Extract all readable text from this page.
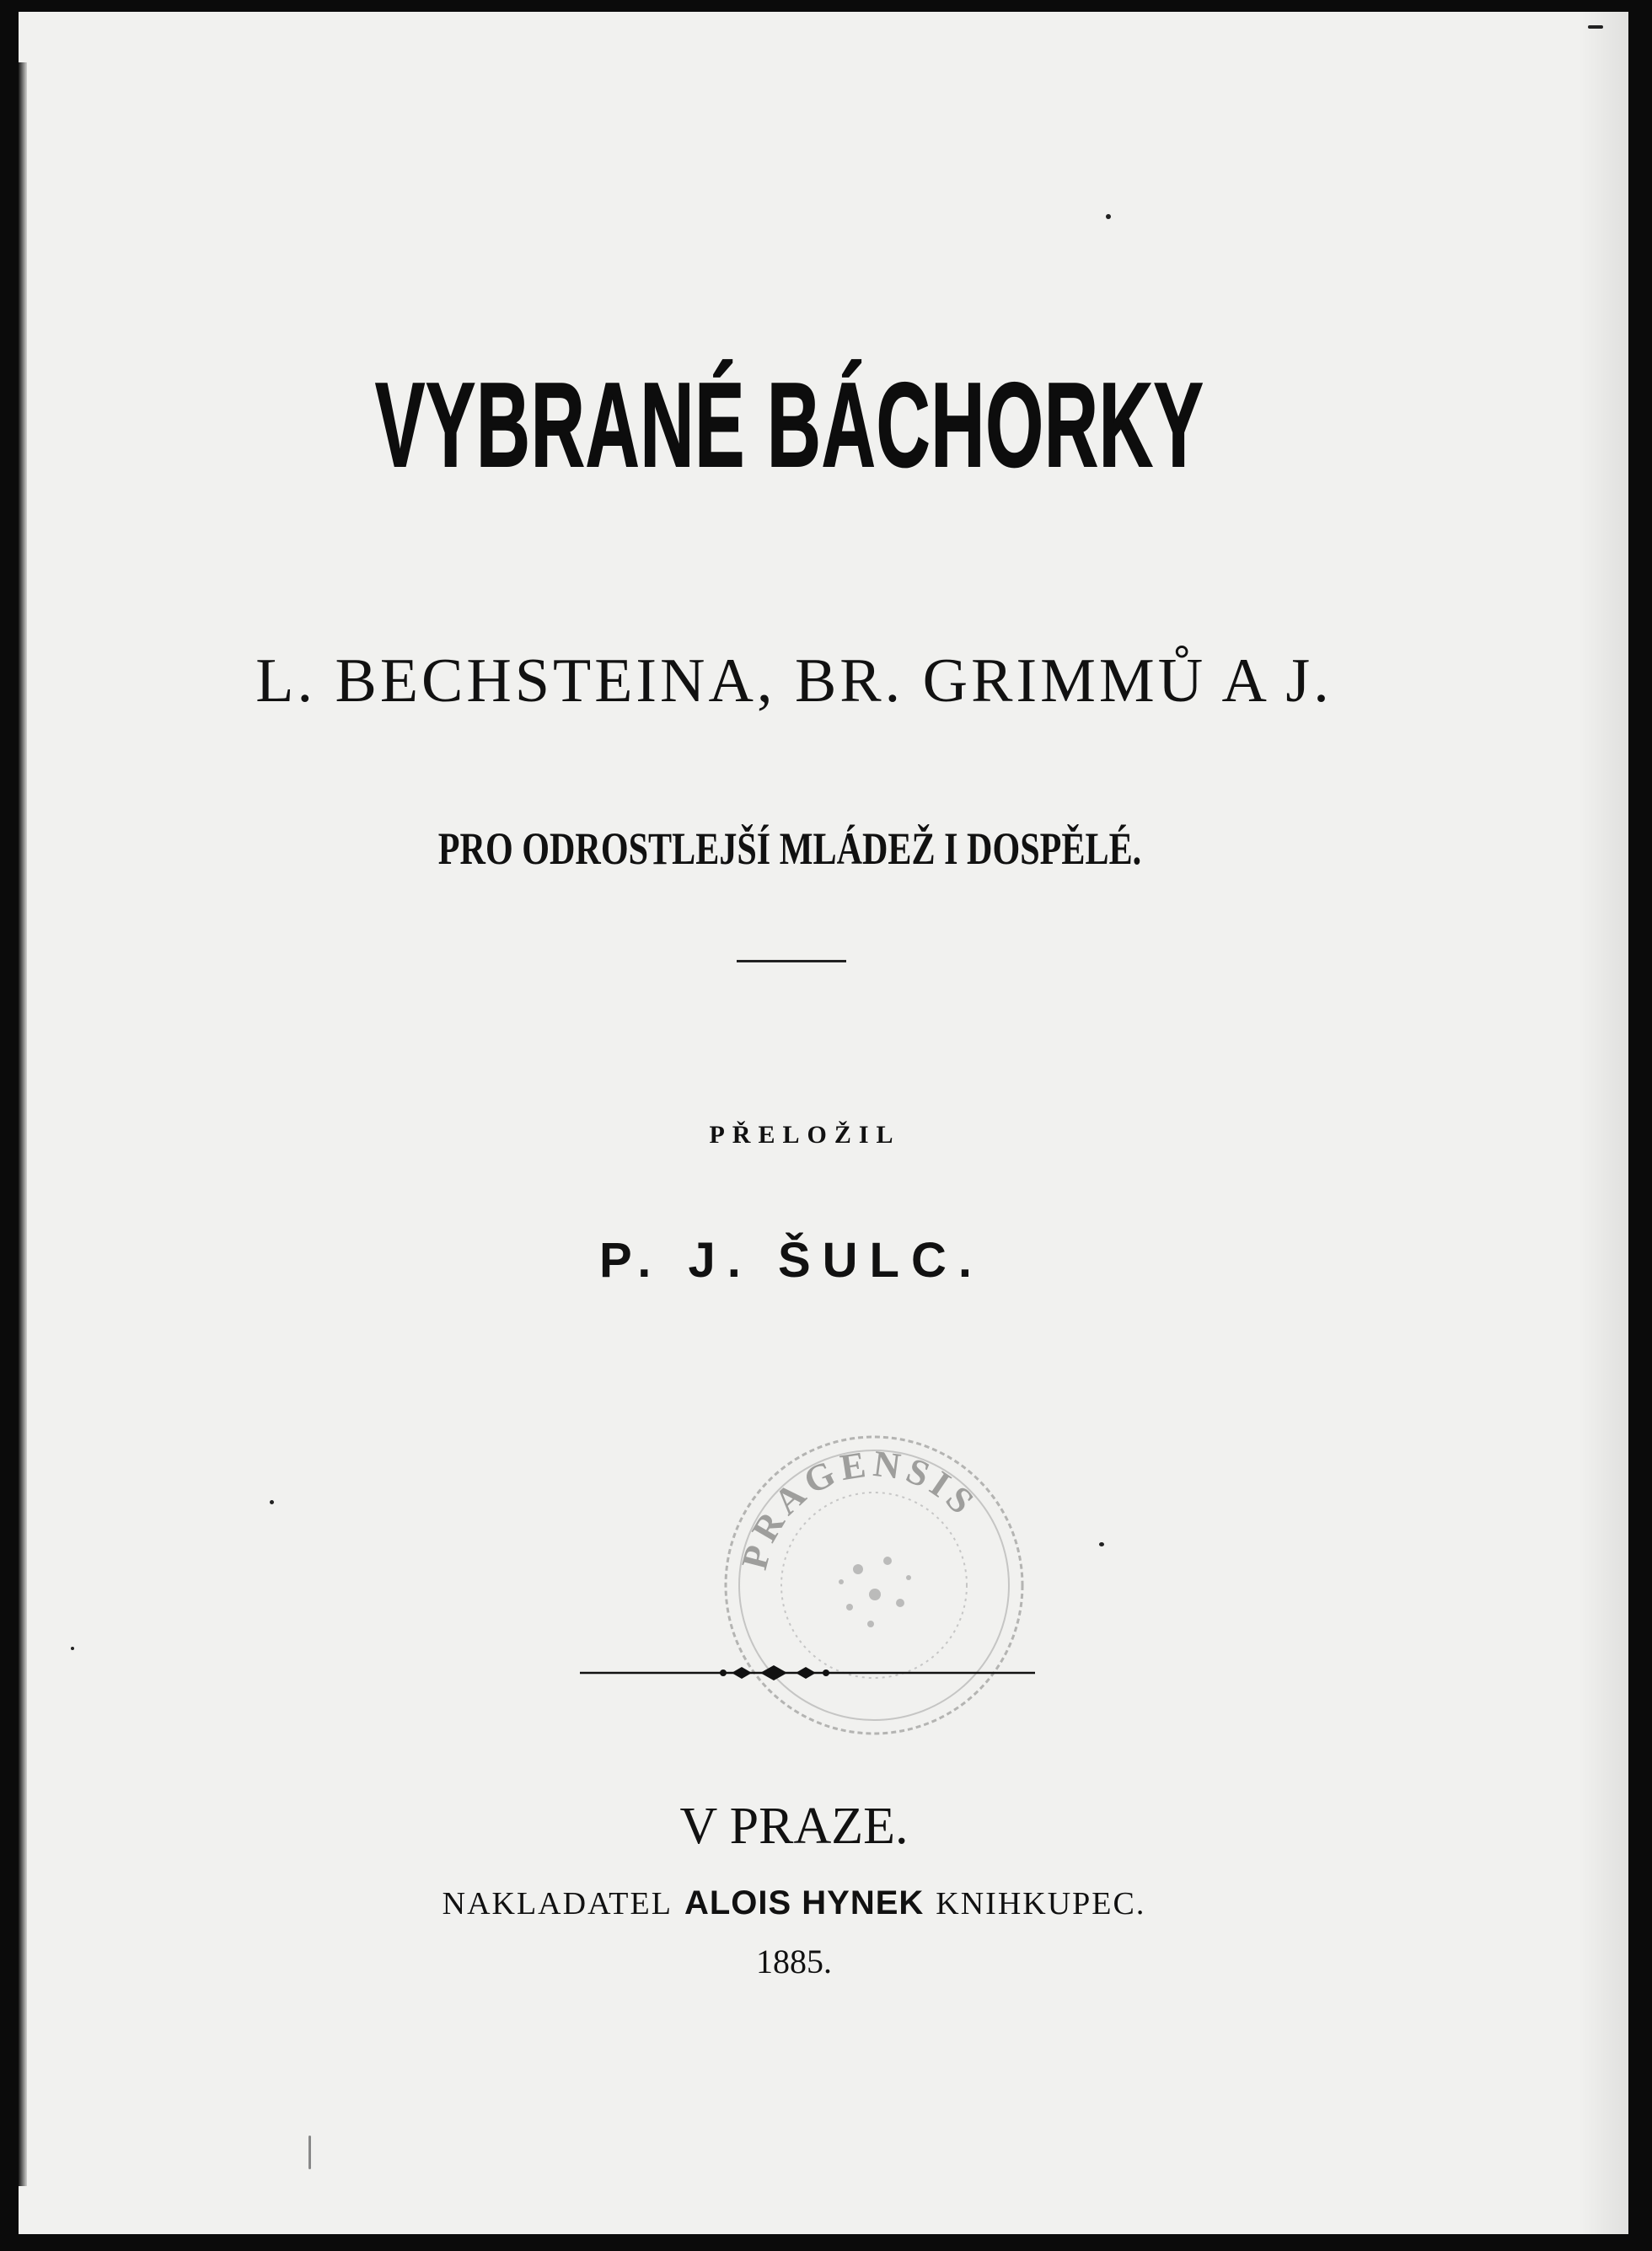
VYBRANÉ BÁCHORKY
L. BECHSTEINA, BR. GRIMMŮ A J.
PRO ODROSTLEJŠÍ MLÁDEŽ I DOSPĚLÉ.
PŘELOŽIL
P. J. ŠULC.
PRAGENSIS
V PRAZE.
NAKLADATEL ALOIS HYNEK KNIHKUPEC.
1885.
